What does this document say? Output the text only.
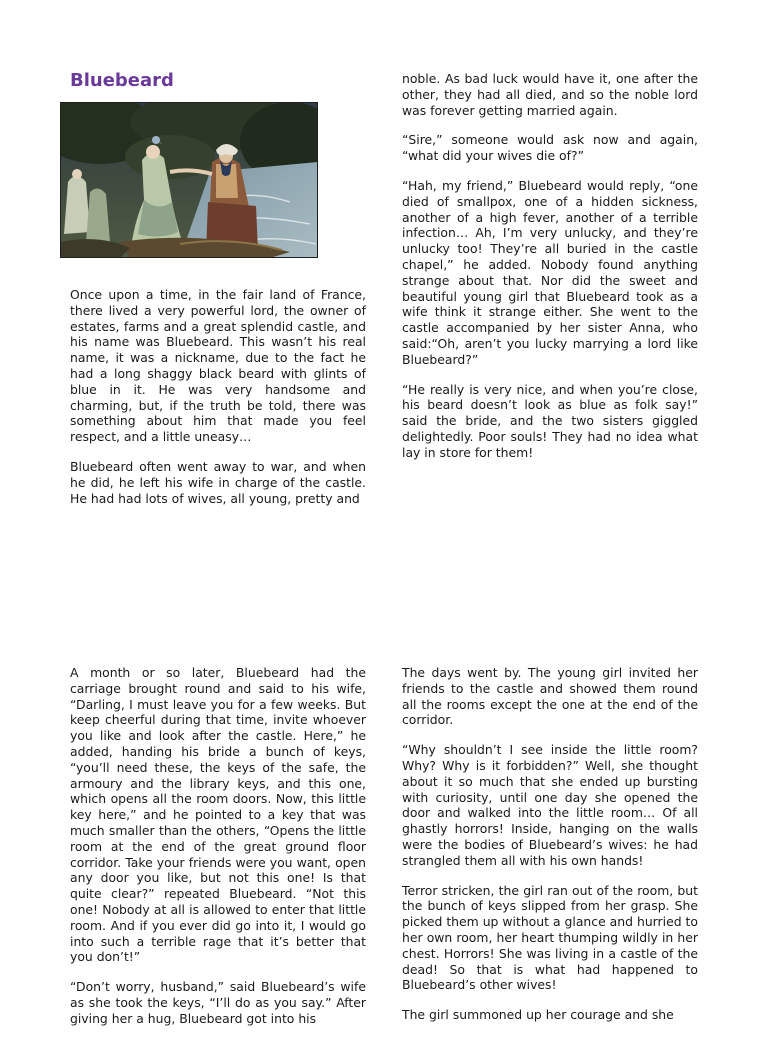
Bluebeard

Once upon a time, in the fair land of France, there lived a very powerful lord, the owner of estates, farms and a great splendid castle, and his name was Bluebeard. This wasn’t his real name, it was a nickname, due to the fact he had a long shaggy black beard with glints of blue in it. He was very handsome and charming, but, if the truth be told, there was something about him that made you feel respect, and a little uneasy…

Bluebeard often went away to war, and when he did, he left his wife in charge of the castle. He had had lots of wives, all young, pretty and

noble. As bad luck would have it, one after the other, they had all died, and so the noble lord was forever getting married again.

“Sire,” someone would ask now and again, “what did your wives die of?”

“Hah, my friend,” Bluebeard would reply, “one died of smallpox, one of a hidden sickness, another of a high fever, another of a terrible infection… Ah, I’m very unlucky, and they’re unlucky too! They’re all buried in the castle chapel,” he added. Nobody found anything strange about that. Nor did the sweet and beautiful young girl that Bluebeard took as a wife think it strange either. She went to the castle accompanied by her sister Anna, who said:“Oh, aren’t you lucky marrying a lord like Bluebeard?”

“He really is very nice, and when you’re close, his beard doesn’t look as blue as folk say!” said the bride, and the two sisters giggled delightedly. Poor souls! They had no idea what lay in store for them!

A month or so later, Bluebeard had the carriage brought round and said to his wife, “Darling, I must leave you for a few weeks. But keep cheerful during that time, invite whoever you like and look after the castle. Here,” he added, handing his bride a bunch of keys, “you’ll need these, the keys of the safe, the armoury and the library keys, and this one, which opens all the room doors. Now, this little key here,” and he pointed to a key that was much smaller than the others, “Opens the little room at the end of the great ground floor corridor. Take your friends were you want, open any door you like, but not this one! Is that quite clear?” repeated Bluebeard. “Not this one! Nobody at all is allowed to enter that little room. And if you ever did go into it, I would go into such a terrible rage that it’s better that you don’t!”

“Don’t worry, husband,” said Bluebeard’s wife as she took the keys, “I’ll do as you say.” After giving her a hug, Bluebeard got into his

The days went by. The young girl invited her friends to the castle and showed them round all the rooms except the one at the end of the corridor.

“Why shouldn’t I see inside the little room? Why? Why is it forbidden?” Well, she thought about it so much that she ended up bursting with curiosity, until one day she opened the door and walked into the little room… Of all ghastly horrors! Inside, hanging on the walls were the bodies of Bluebeard’s wives: he had strangled them all with his own hands!

Terror stricken, the girl ran out of the room, but the bunch of keys slipped from her grasp. She picked them up without a glance and hurried to her own room, her heart thumping wildly in her chest. Horrors! She was living in a castle of the dead! So that is what had happened to Bluebeard’s other wives!

The girl summoned up her courage and she
